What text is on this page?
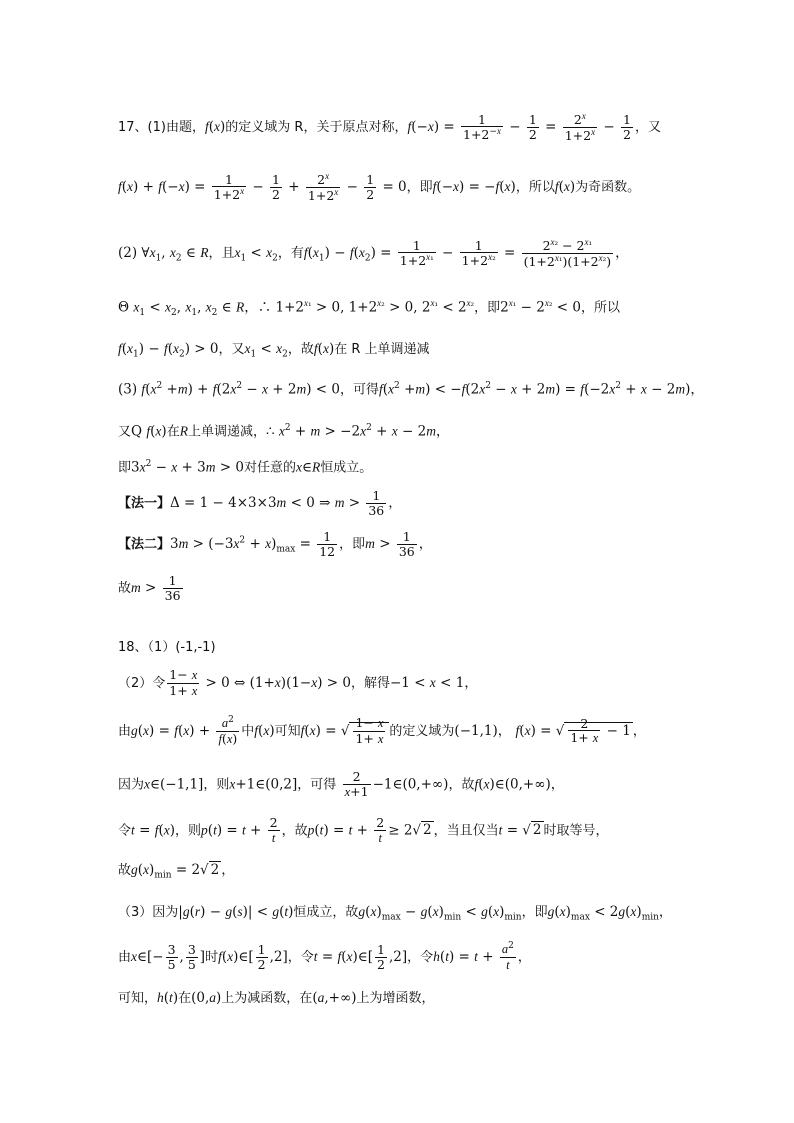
17、(1)由题，f(x)的定义域为 R，关于原点对称，$f(-x) = \frac{1}{1+2^{-x}} - \frac{1}{2} = \frac{2^x}{1+2^x} - \frac{1}{2}$ ，又
$f(x) + f(-x) = \frac{1}{1+2^x} - \frac{1}{2} + \frac{2^x}{1+2^x} - \frac{1}{2} = 0$，即f(−x) = −f(x)，所以f(x)为奇函数。
(2) $\forall x_1$, $x_2$ ∈ R，且$x_1 < x_2$，有$f(x_1) - f(x_2) = \frac{1}{1+2^{x_1}} - \frac{1}{1+2^{x_2}} = \frac{2^{x_2} - 2^{x_1}}{(1+2^{x_1})(1+2^{x_2})}$ ，
Θ $x_1 < x_2$, $x_1$, $x_2$ ∈ R，∴ $1+2^{x_1} > 0$, $1+2^{x_2} > 0$, $2^{x_1} < 2^{x_2}$，即$2^{x_1} - 2^{x_2} < 0$，所以
$f(x_1) - f(x_2) > 0$，又$x_1 < x_2$，故f(x)在 R 上单调递减
(3) $f(x^2 +m) + f(2x^2 - x + 2m) < 0$，可得$f(x^2 +m) < -f(2x^2 - x + 2m) = f(-2x^2 + x - 2m)$，
又Q f(x)在R上单调递减，∴ $x^2 + m > -2x^2 + x - 2m$，
即$3x^2 - x + 3m > 0$对任意的x∈R恒成立。
【法一】Δ = 1 − 4×3×3m < 0 ⇒ $m > \frac{1}{36}$ ，
【法二】$3m > (-3x^2 + x)_{max} = \frac{1}{12}$ ，即$m > \frac{1}{36}$ ，
故$m > \frac{1}{36}$
18、（1）(-1,-1)
（2）令 $\frac{1- x}{1+ x} > 0$ ⇔ (1+x)(1−x) > 0，解得−1 < x < 1，
由$g(x) = f(x) + \frac{a^2}{f(x)}$ 中f(x)可知f(x) = √ $\frac{1- x}{1+ x}$ 的定义域为(−1,1)， f(x) = √ $\frac{2}{1+ x} - 1$ ，
因为x∈(−1,1]，则x+1∈(0,2]，可得 $\frac{2}{x+1}$ −1∈(0,+∞)，故f(x)∈(0,+∞)，
令t = f(x)，则$p(t) = t + \frac{2}{t}$ ，故$p(t) = t + \frac{2}{t} \ge 2√$ 2 ，当且仅当t = √ 2 时取等号，
故$g(x)_{min} = 2√$ 2 ，
（3）因为|g(r) − g(s)| < g(t)恒成立，故$g(x)_{max} - g(x)_{min} < g(x)_{min}$，即$g(x)_{max} < 2g(x)_{min}$，
由x∈[− $\frac{3}{5}$ , $\frac{3}{5}$ ]时f(x)∈[ $\frac{1}{2} ,2$]，令t = f(x)∈[ $\frac{1}{2} ,2$]，令$h(t) = t + \frac{a^2}{t}$ ，
可知，h(t)在(0,a)上为减函数，在(a,+∞)上为增函数，
